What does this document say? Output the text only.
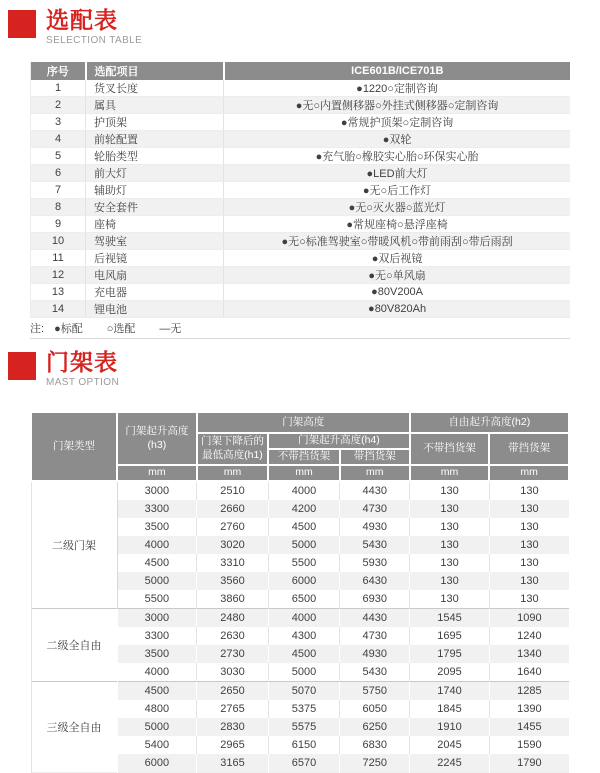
选配表
SELECTION TABLE
序号	选配项目	ICE601B/ICE701B
1	货叉长度	●1220○定制咨询
2	属具	●无○内置侧移器○外挂式侧移器○定制咨询
3	护顶架	●常规护顶架○定制咨询
4	前轮配置	●双轮
5	轮胎类型	●充气胎○橡胶实心胎○环保实心胎
6	前大灯	●LED前大灯
7	辅助灯	●无○后工作灯
8	安全套件	●无○灭火器○蓝光灯
9	座椅	●常规座椅○悬浮座椅
10	驾驶室	●无○标准驾驶室○带暖风机○带前雨刮○带后雨刮
11	后视镜	●双后视镜
12	电风扇	●无○单风扇
13	充电器	●80V200A
14	锂电池	●80V820Ah
注: ●标配 ○选配 —无
门架表
MAST OPTION
门架类型	门架起升高度(h3)	门架高度			自由起升高度(h2)	
		门架下降后的最低高度(h1)	门架起升高度(h4)		不带挡货架	带挡货架
			不带挡货架	带挡货架		
	mm	mm	mm	mm	mm	mm
二级门架	3000	2510	4000	4430	130	130
	3300	2660	4200	4730	130	130
	3500	2760	4500	4930	130	130
	4000	3020	5000	5430	130	130
	4500	3310	5500	5930	130	130
	5000	3560	6000	6430	130	130
	5500	3860	6500	6930	130	130
二级全自由	3000	2480	4000	4430	1545	1090
	3300	2630	4300	4730	1695	1240
	3500	2730	4500	4930	1795	1340
	4000	3030	5000	5430	2095	1640
三级全自由	4500	2650	5070	5750	1740	1285
	4800	2765	5375	6050	1845	1390
	5000	2830	5575	6250	1910	1455
	5400	2965	6150	6830	2045	1590
	6000	3165	6570	7250	2245	1790
